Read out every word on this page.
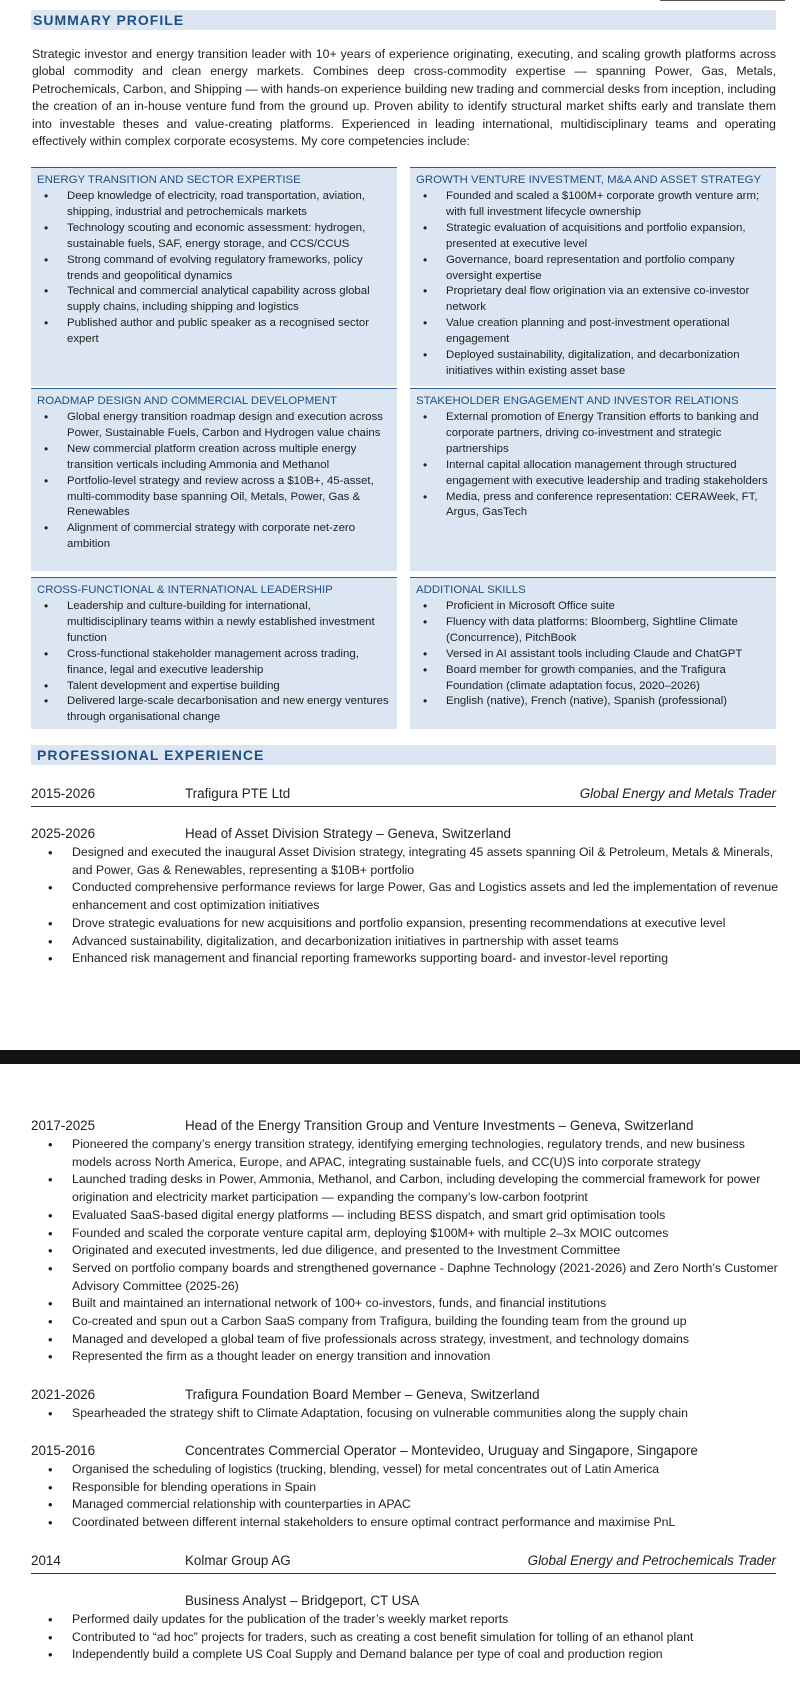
SUMMARY PROFILE

Strategic investor and energy transition leader with 10+ years of experience originating, executing, and scaling growth platforms across global commodity and clean energy markets. Combines deep cross-commodity expertise — spanning Power, Gas, Metals, Petrochemicals, Carbon, and Shipping — with hands-on experience building new trading and commercial desks from inception, including the creation of an in-house venture fund from the ground up. Proven ability to identify structural market shifts early and translate them into investable theses and value-creating platforms. Experienced in leading international, multidisciplinary teams and operating effectively within complex corporate ecosystems. My core competencies include:

ENERGY TRANSITION AND SECTOR EXPERTISE
• Deep knowledge of electricity, road transportation, aviation, shipping, industrial and petrochemicals markets
• Technology scouting and economic assessment: hydrogen, sustainable fuels, SAF, energy storage, and CCS/CCUS
• Strong command of evolving regulatory frameworks, policy trends and geopolitical dynamics
• Technical and commercial analytical capability across global supply chains, including shipping and logistics
• Published author and public speaker as a recognised sector expert
GROWTH VENTURE INVESTMENT, M&A AND ASSET STRATEGY
• Founded and scaled a $100M+ corporate growth venture arm; with full investment lifecycle ownership
• Strategic evaluation of acquisitions and portfolio expansion, presented at executive level
• Governance, board representation and portfolio company oversight expertise
• Proprietary deal flow origination via an extensive co-investor network
• Value creation planning and post-investment operational engagement
• Deployed sustainability, digitalization, and decarbonization initiatives within existing asset base
ROADMAP DESIGN AND COMMERCIAL DEVELOPMENT
• Global energy transition roadmap design and execution across Power, Sustainable Fuels, Carbon and Hydrogen value chains
• New commercial platform creation across multiple energy transition verticals including Ammonia and Methanol
• Portfolio-level strategy and review across a $10B+, 45-asset, multi-commodity base spanning Oil, Metals, Power, Gas & Renewables
• Alignment of commercial strategy with corporate net-zero ambition
STAKEHOLDER ENGAGEMENT AND INVESTOR RELATIONS
• External promotion of Energy Transition efforts to banking and corporate partners, driving co-investment and strategic partnerships
• Internal capital allocation management through structured engagement with executive leadership and trading stakeholders
• Media, press and conference representation: CERAWeek, FT, Argus, GasTech
CROSS-FUNCTIONAL & INTERNATIONAL LEADERSHIP
• Leadership and culture-building for international, multidisciplinary teams within a newly established investment function
• Cross-functional stakeholder management across trading, finance, legal and executive leadership
• Talent development and expertise building
• Delivered large-scale decarbonisation and new energy ventures through organisational change
ADDITIONAL SKILLS
• Proficient in Microsoft Office suite
• Fluency with data platforms: Bloomberg, Sightline Climate (Concurrence), PitchBook
• Versed in AI assistant tools including Claude and ChatGPT
• Board member for growth companies, and the Trafigura Foundation (climate adaptation focus, 2020–2026)
• English (native), French (native), Spanish (professional)
PROFESSIONAL EXPERIENCE
2015-2026	Trafigura PTE Ltd	Global Energy and Metals Trader
2025-2026	Head of Asset Division Strategy – Geneva, Switzerland
• Designed and executed the inaugural Asset Division strategy, integrating 45 assets spanning Oil & Petroleum, Metals & Minerals, and Power, Gas & Renewables, representing a $10B+ portfolio
• Conducted comprehensive performance reviews for large Power, Gas and Logistics assets and led the implementation of revenue enhancement and cost optimization initiatives
• Drove strategic evaluations for new acquisitions and portfolio expansion, presenting recommendations at executive level
• Advanced sustainability, digitalization, and decarbonization initiatives in partnership with asset teams
• Enhanced risk management and financial reporting frameworks supporting board- and investor-level reporting
2017-2025	Head of the Energy Transition Group and Venture Investments – Geneva, Switzerland
• Pioneered the company’s energy transition strategy, identifying emerging technologies, regulatory trends, and new business models across North America, Europe, and APAC, integrating sustainable fuels, and CC(U)S into corporate strategy
• Launched trading desks in Power, Ammonia, Methanol, and Carbon, including developing the commercial framework for power origination and electricity market participation — expanding the company’s low-carbon footprint
• Evaluated SaaS-based digital energy platforms — including BESS dispatch, and smart grid optimisation tools
• Founded and scaled the corporate venture capital arm, deploying $100M+ with multiple 2–3x MOIC outcomes
• Originated and executed investments, led due diligence, and presented to the Investment Committee
• Served on portfolio company boards and strengthened governance - Daphne Technology (2021-2026) and Zero North’s Customer Advisory Committee (2025-26)
• Built and maintained an international network of 100+ co-investors, funds, and financial institutions
• Co-created and spun out a Carbon SaaS company from Trafigura, building the founding team from the ground up
• Managed and developed a global team of five professionals across strategy, investment, and technology domains
• Represented the firm as a thought leader on energy transition and innovation
2021-2026	Trafigura Foundation Board Member – Geneva, Switzerland
• Spearheaded the strategy shift to Climate Adaptation, focusing on vulnerable communities along the supply chain
2015-2016	Concentrates Commercial Operator – Montevideo, Uruguay and Singapore, Singapore
• Organised the scheduling of logistics (trucking, blending, vessel) for metal concentrates out of Latin America
• Responsible for blending operations in Spain
• Managed commercial relationship with counterparties in APAC
• Coordinated between different internal stakeholders to ensure optimal contract performance and maximise PnL
2014	Kolmar Group AG	Global Energy and Petrochemicals Trader
Business Analyst – Bridgeport, CT USA
• Performed daily updates for the publication of the trader’s weekly market reports
• Contributed to “ad hoc” projects for traders, such as creating a cost benefit simulation for tolling of an ethanol plant
• Independently build a complete US Coal Supply and Demand balance per type of coal and production region
